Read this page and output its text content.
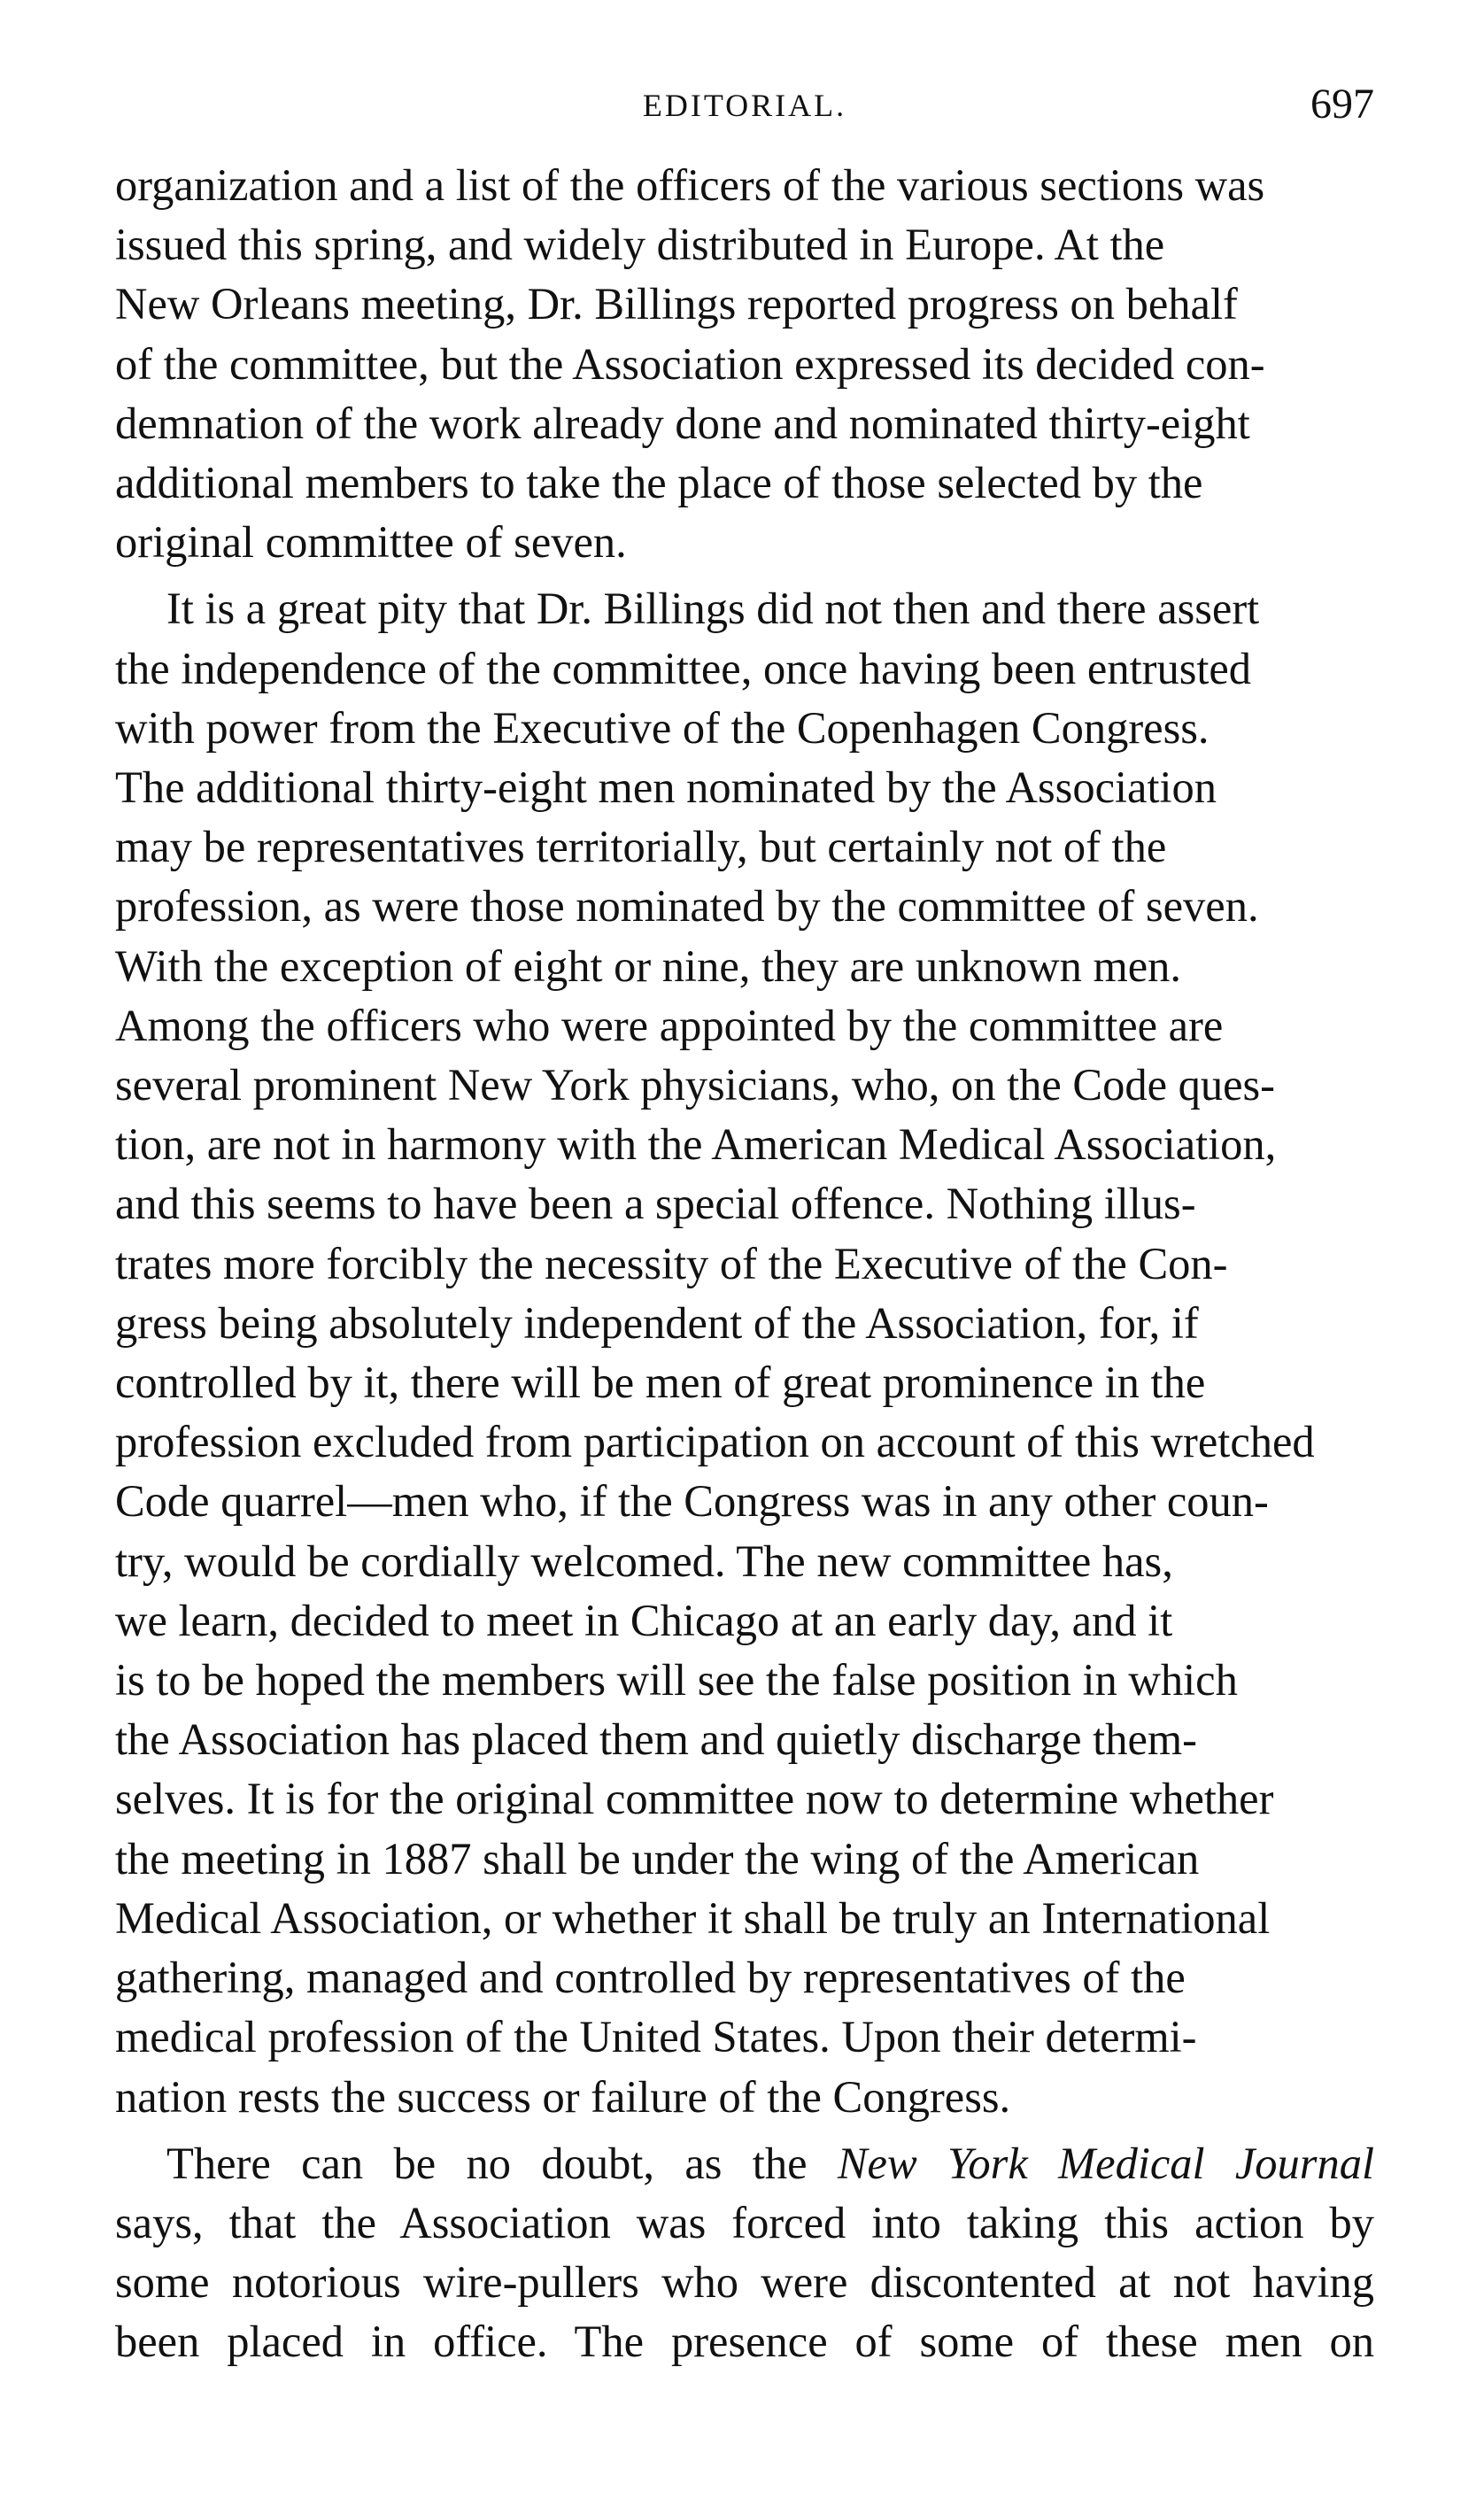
EDITORIAL.	697

organization and a list of the officers of the various sections was
issued this spring, and widely distributed in Europe. At the
New Orleans meeting, Dr. Billings reported progress on behalf
of the committee, but the Association expressed its decided con-
demnation of the work already done and nominated thirty-eight
additional members to take the place of those selected by the
original committee of seven.

It is a great pity that Dr. Billings did not then and there assert
the independence of the committee, once having been entrusted
with power from the Executive of the Copenhagen Congress.
The additional thirty-eight men nominated by the Association
may be representatives territorially, but certainly not of the
profession, as were those nominated by the committee of seven.
With the exception of eight or nine, they are unknown men.
Among the officers who were appointed by the committee are
several prominent New York physicians, who, on the Code ques-
tion, are not in harmony with the American Medical Association,
and this seems to have been a special offence. Nothing illus-
trates more forcibly the necessity of the Executive of the Con-
gress being absolutely independent of the Association, for, if
controlled by it, there will be men of great prominence in the
profession excluded from participation on account of this wretched
Code quarrel—men who, if the Congress was in any other coun-
try, would be cordially welcomed. The new committee has,
we learn, decided to meet in Chicago at an early day, and it
is to be hoped the members will see the false position in which
the Association has placed them and quietly discharge them-
selves. It is for the original committee now to determine whether
the meeting in 1887 shall be under the wing of the American
Medical Association, or whether it shall be truly an International
gathering, managed and controlled by representatives of the
medical profession of the United States. Upon their determi-
nation rests the success or failure of the Congress.

There can be no doubt, as the New York Medical Journal
says, that the Association was forced into taking this action by
some notorious wire-pullers who were discontented at not having
been placed in office. The presence of some of these men on
